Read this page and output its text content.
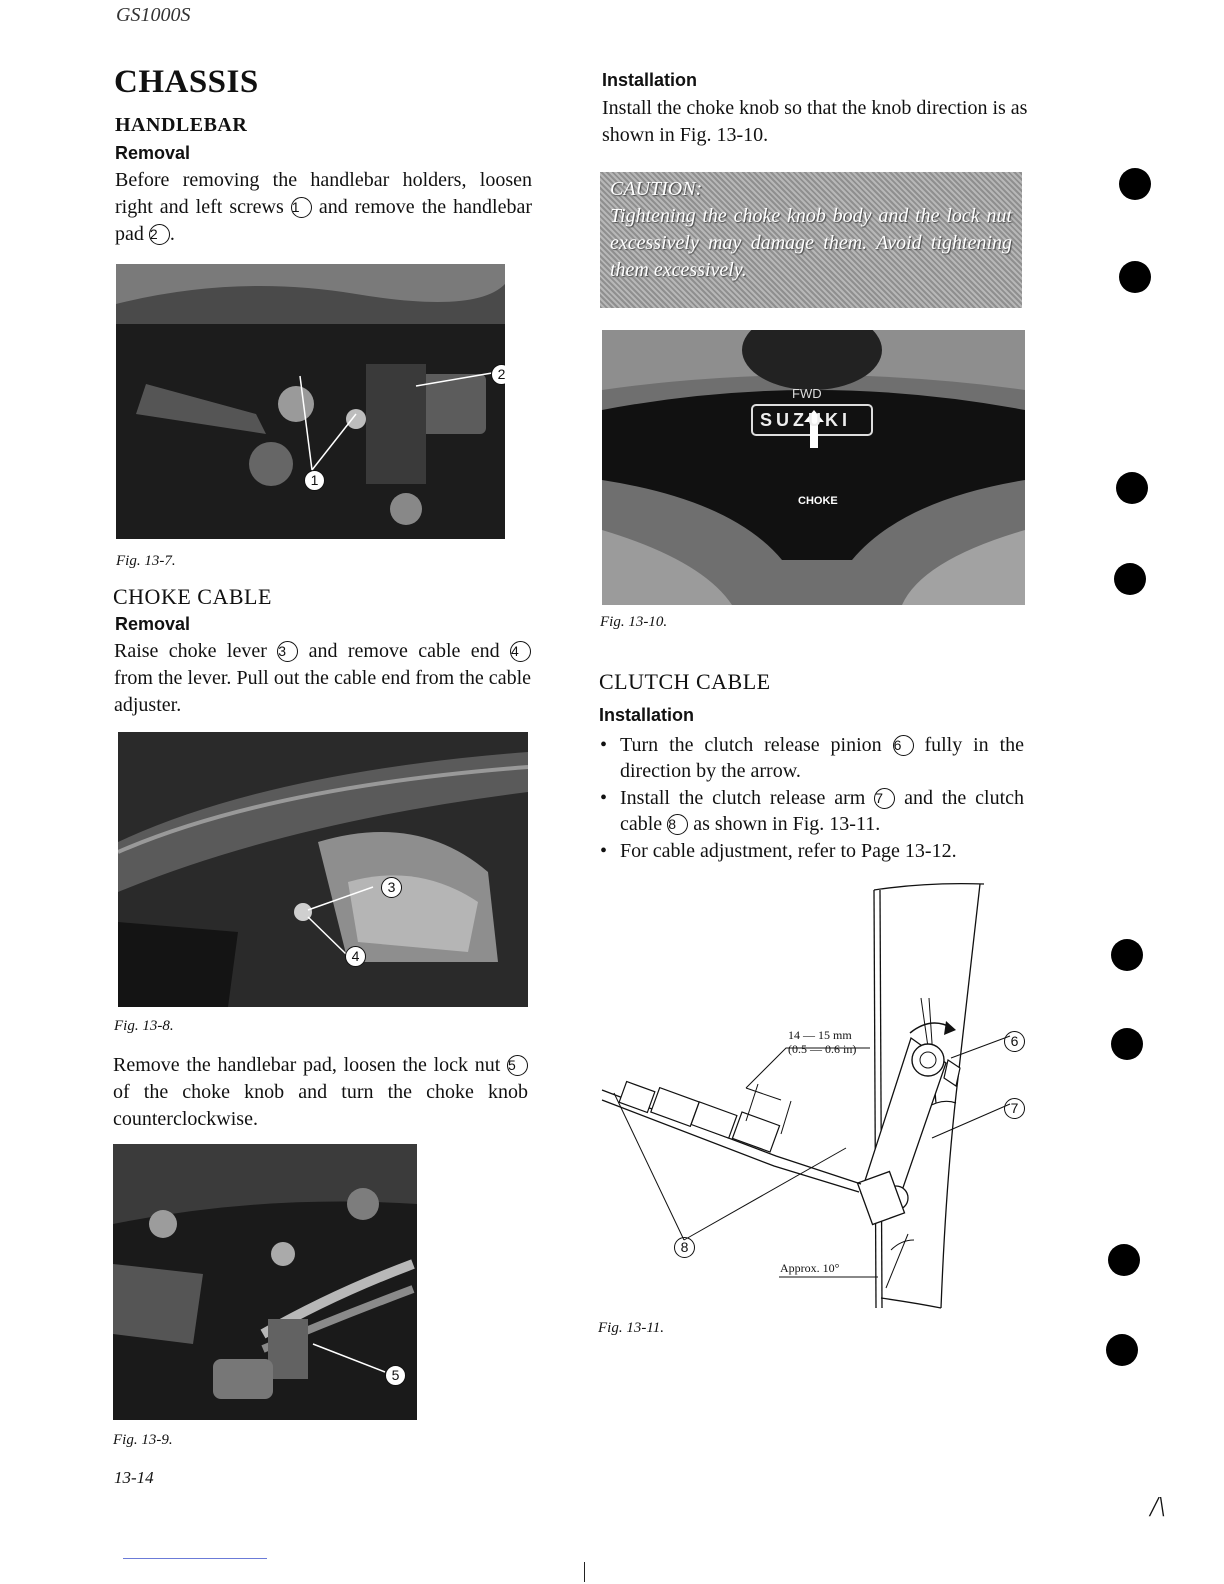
GS1000S
CHASSIS
HANDLEBAR
Removal
Before removing the handlebar holders, loosen right and left screws 1 and remove the handlebar pad 2 .
2
1
Fig. 13-7.
CHOKE CABLE
Removal
Raise choke lever 3 and remove cable end 4 from the lever. Pull out the cable end from the cable adjuster.
3
4
Fig. 13-8.
Remove the handlebar pad, loosen the lock nut 5 of the choke knob and turn the choke knob counterclockwise.
5
Fig. 13-9.
13-14
Installation
Install the choke knob so that the knob direction is as shown in Fig. 13-10.
CAUTION:
Tightening the choke knob body and the lock nut excessively may damage them. Avoid tightening them excessively.
FWD
SUZUKI
CHOKE
Fig. 13-10.
CLUTCH CABLE
Installation
• Turn the clutch release pinion 6 fully in the direction by the arrow.
• Install the clutch release arm 7 and the clutch cable 8 as shown in Fig. 13-11.
• For cable adjustment, refer to Page 13-12.
14 — 15 mm
(0.5 — 0.6 in)
Approx. 10°
6
7
8
Fig. 13-11.
/\
